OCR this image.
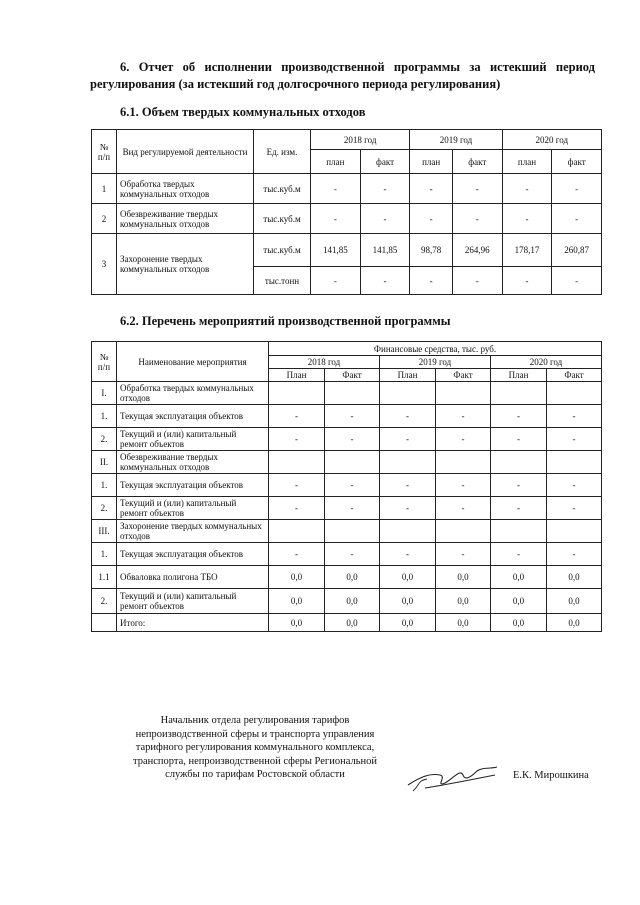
6. Отчет об исполнении производственной программы за истекший период регулирования (за истекший год долгосрочного периода регулирования)
6.1. Объем твердых коммунальных отходов
№ п/п	Вид регулируемой деятельности	Ед. изм.	2018 год		2019 год		2020 год	
			план	факт	план	факт	план	факт
1	Обработка твердых коммунальных отходов	тыс.куб.м	-	-	-	-	-	-
2	Обезвреживание твердых коммунальных отходов	тыс.куб.м	-	-	-	-	-	-
3	Захоронение твердых коммунальных отходов	тыс.куб.м	141,85	141,85	98,78	264,96	178,17	260,87
		тыс.тонн	-	-	-	-	-	-
6.2. Перечень мероприятий производственной программы
№ п/п	Наименование мероприятия	Финансовые средства, тыс. руб.					
		2018 год		2019 год		2020 год	
		План	Факт	План	Факт	План	Факт
I.	Обработка твердых коммунальных отходов						
1.	Текущая эксплуатация объектов	-	-	-	-	-	-
2.	Текущий и (или) капитальный ремонт объектов	-	-	-	-	-	-
II.	Обезвреживание твердых коммунальных отходов						
1.	Текущая эксплуатация объектов	-	-	-	-	-	-
2.	Текущий и (или) капитальный ремонт объектов	-	-	-	-	-	-
III.	Захоронение твердых коммунальных отходов						
1.	Текущая эксплуатация объектов	-	-	-	-	-	-
1.1	Обваловка полигона ТБО	0,0	0,0	0,0	0,0	0,0	0,0
2.	Текущий и (или) капитальный ремонт объектов	0,0	0,0	0,0	0,0	0,0	0,0
	Итого:	0,0	0,0	0,0	0,0	0,0	0,0
Начальник отдела регулирования тарифов
непроизводственной сферы и транспорта управления
тарифного регулирования коммунального комплекса,
транспорта, непроизводственной сферы Региональной
службы по тарифам Ростовской области	Е.К. Мирошкина
